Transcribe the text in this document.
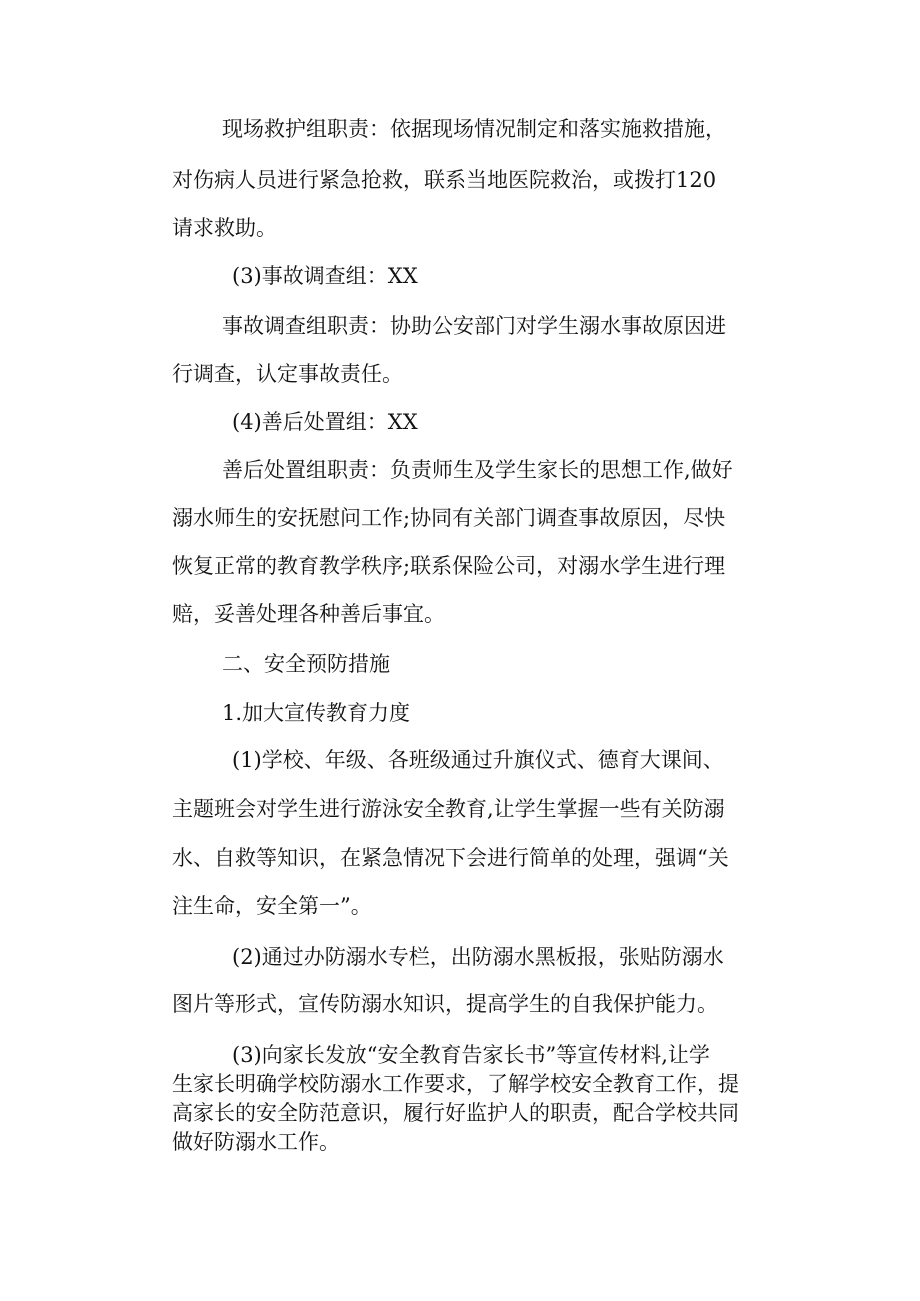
现场救护组职责：依据现场情况制定和落实施救措施，
对伤病人员进行紧急抢救，联系当地医院救治，或拨打120
请求救助。
(3)事故调查组：XX
事故调查组职责：协助公安部门对学生溺水事故原因进
行调查，认定事故责任。
(4)善后处置组：XX
善后处置组职责：负责师生及学生家长的思想工作,做好
溺水师生的安抚慰问工作;协同有关部门调查事故原因，尽快
恢复正常的教育教学秩序;联系保险公司，对溺水学生进行理
赔，妥善处理各种善后事宜。
二、安全预防措施
1.加大宣传教育力度
(1)学校、年级、各班级通过升旗仪式、德育大课间、
主题班会对学生进行游泳安全教育,让学生掌握一些有关防溺
水、自救等知识，在紧急情况下会进行简单的处理，强调“关
注生命，安全第一”。
(2)通过办防溺水专栏，出防溺水黑板报，张贴防溺水
图片等形式，宣传防溺水知识，提高学生的自我保护能力。
(3)向家长发放“安全教育告家长书”等宣传材料,让学
生家长明确学校防溺水工作要求，了解学校安全教育工作，提
高家长的安全防范意识，履行好监护人的职责，配合学校共同
做好防溺水工作。
